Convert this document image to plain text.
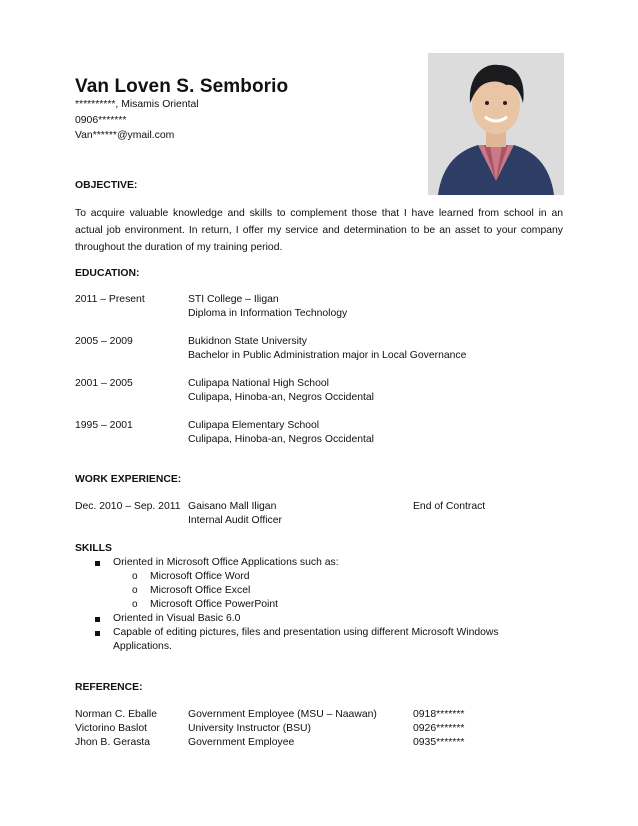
Van Loven S. Semborio
**********, Misamis Oriental
0906*******
Van******@ymail.com
OBJECTIVE:
To acquire valuable knowledge and skills to complement those that I have learned from school in an
actual job environment. In return, I offer my service and determination to be an asset to your company
throughout the duration of my training period.
EDUCATION:
2011 – Present	STI College – Iligan
Diploma in Information Technology
2005 – 2009	Bukidnon State University
Bachelor in Public Administration major in Local Governance
2001 – 2005	Culipapa National High School
Culipapa, Hinoba-an, Negros Occidental
1995 – 2001	Culipapa Elementary School
Culipapa, Hinoba-an, Negros Occidental
WORK EXPERIENCE:
Dec. 2010 – Sep. 2011 Gaisano Mall Iligan	End of Contract
Internal Audit Officer
SKILLS
Oriented in Microsoft Office Applications such as:
o Microsoft Office Word
o Microsoft Office Excel
o Microsoft Office PowerPoint
Oriented in Visual Basic 6.0
Capable of editing pictures, files and presentation using different Microsoft Windows
Applications.
REFERENCE:
Norman C. Eballe	Government Employee (MSU – Naawan)	0918*******
Victorino Baslot	University Instructor (BSU)	0926*******
Jhon B. Gerasta	Government Employee	0935*******
